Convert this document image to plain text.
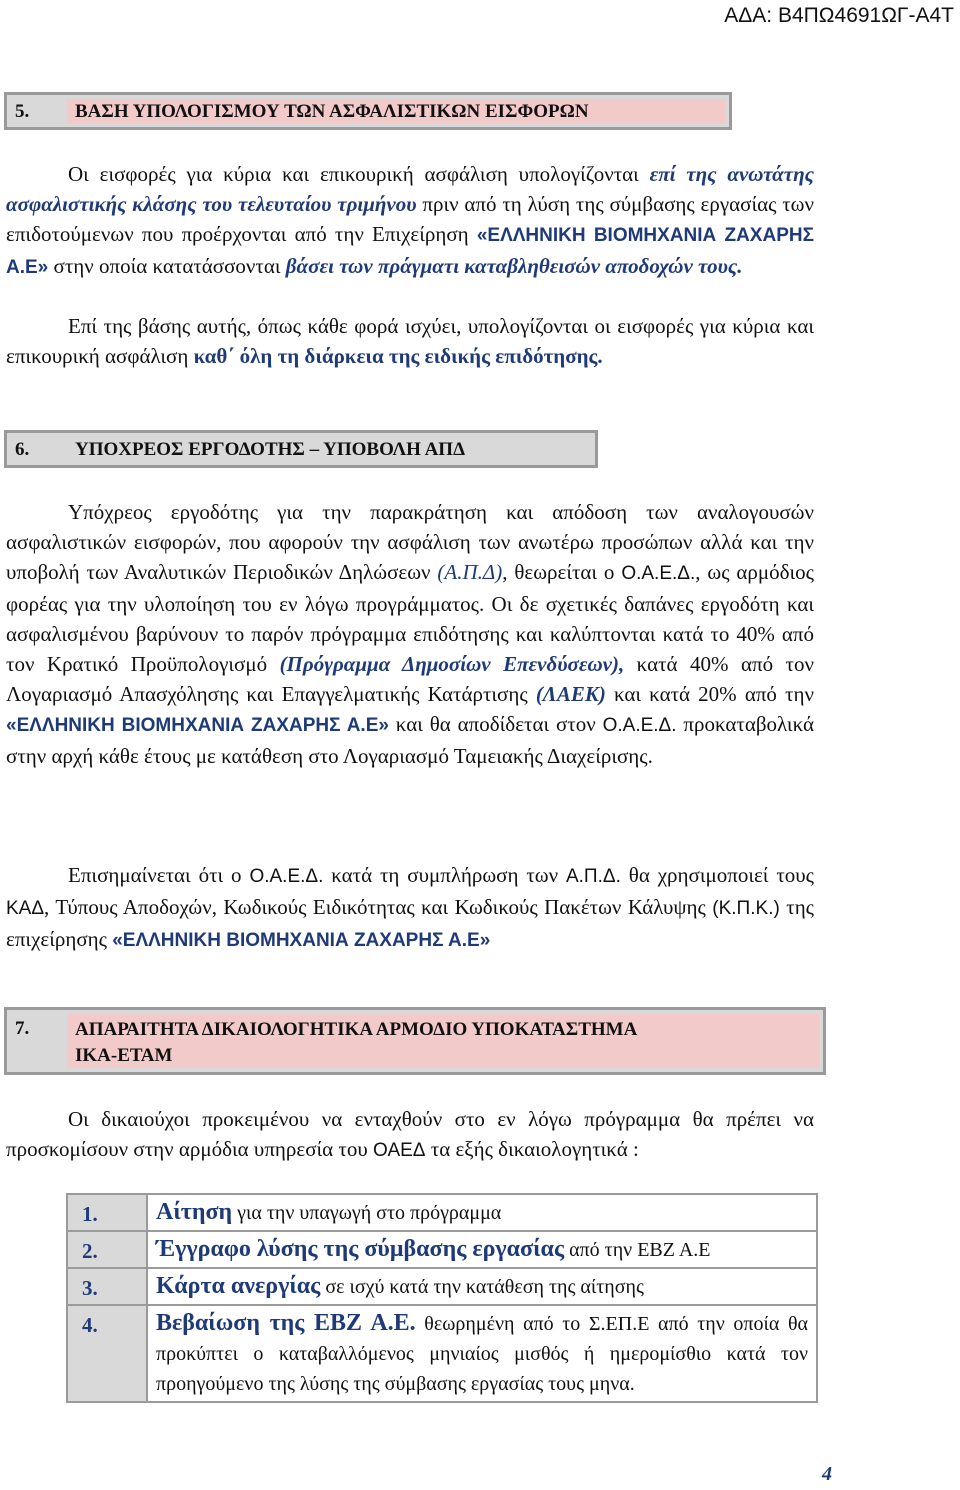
ΑΔΑ: Β4ΠΩ4691ΩΓ-Α4Τ
5.	ΒΑΣΗ ΥΠΟΛΟΓΙΣΜΟΥ ΤΩΝ ΑΣΦΑΛΙΣΤΙΚΩΝ ΕΙΣΦΟΡΩΝ
Οι εισφορές για κύρια και επικουρική ασφάλιση υπολογίζονται επί της ανωτάτης ασφαλιστικής κλάσης του τελευταίου τριμήνου πριν από τη λύση της σύμβασης εργασίας των επιδοτούμενων που προέρχονται από την Επιχείρηση «ΕΛΛΗΝΙΚΗ ΒΙΟΜΗΧΑΝΙΑ ΖΑΧΑΡΗΣ Α.Ε» στην οποία κατατάσσονται βάσει των πράγματι καταβληθεισών αποδοχών τους.
Επί της βάσης αυτής, όπως κάθε φορά ισχύει, υπολογίζονται οι εισφορές για κύρια και επικουρική ασφάλιση καθ΄ όλη τη διάρκεια της ειδικής επιδότησης.
6.	ΥΠΟΧΡΕΟΣ ΕΡΓΟΔΟΤΗΣ – ΥΠΟΒΟΛΗ ΑΠΔ
Υπόχρεος εργοδότης για την παρακράτηση και απόδοση των αναλογουσών ασφαλιστικών εισφορών, που αφορούν την ασφάλιση των ανωτέρω προσώπων αλλά και την υποβολή των Αναλυτικών Περιοδικών Δηλώσεων (Α.Π.Δ), θεωρείται ο Ο.Α.Ε.Δ., ως αρμόδιος φορέας για την υλοποίηση του εν λόγω προγράμματος. Οι δε σχετικές δαπάνες εργοδότη και ασφαλισμένου βαρύνουν το παρόν πρόγραμμα επιδότησης και καλύπτονται κατά το 40% από τον Κρατικό Προϋπολογισμό (Πρόγραμμα Δημοσίων Επενδύσεων), κατά 40% από τον Λογαριασμό Απασχόλησης και Επαγγελματικής Κατάρτισης (ΛΑΕΚ) και κατά 20% από την «ΕΛΛΗΝΙΚΗ ΒΙΟΜΗΧΑΝΙΑ ΖΑΧΑΡΗΣ Α.Ε» και θα αποδίδεται στον Ο.Α.Ε.Δ. προκαταβολικά στην αρχή κάθε έτους με κατάθεση στο Λογαριασμό Ταμειακής Διαχείρισης.
Επισημαίνεται ότι ο Ο.Α.Ε.Δ. κατά τη συμπλήρωση των Α.Π.Δ. θα χρησιμοποιεί τους ΚΑΔ, Τύπους Αποδοχών, Κωδικούς Ειδικότητας και Κωδικούς Πακέτων Κάλυψης (Κ.Π.Κ.) της επιχείρησης «ΕΛΛΗΝΙΚΗ ΒΙΟΜΗΧΑΝΙΑ ΖΑΧΑΡΗΣ Α.Ε»
7.	ΑΠΑΡΑΙΤΗΤΑ ΔΙΚΑΙΟΛΟΓΗΤΙΚΑ ΑΡΜΟΔΙΟ ΥΠΟΚΑΤΑΣΤΗΜΑ
ΙΚΑ-ΕΤΑΜ
Οι δικαιούχοι προκειμένου να ενταχθούν στο εν λόγω πρόγραμμα θα πρέπει να προσκομίσουν στην αρμόδια υπηρεσία του ΟΑΕΔ τα εξής δικαιολογητικά :
1.	Αίτηση για την υπαγωγή στο πρόγραμμα
2.	Έγγραφο λύσης της σύμβασης εργασίας από την ΕΒΖ Α.Ε
3.	Κάρτα ανεργίας σε ισχύ κατά την κατάθεση της αίτησης
4.	Βεβαίωση της ΕΒΖ Α.Ε. θεωρημένη από το Σ.ΕΠ.Ε από την οποία θα προκύπτει ο καταβαλλόμενος μηνιαίος μισθός ή ημερομίσθιο κατά τον προηγούμενο της λύσης της σύμβασης εργασίας τους μηνα.
4
